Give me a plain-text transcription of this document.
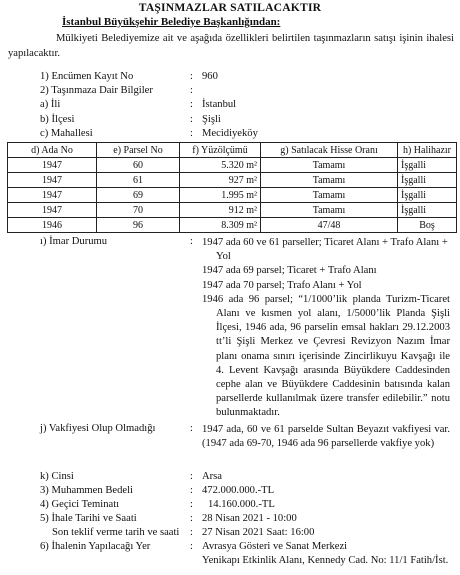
TAŞINMAZLAR SATILACAKTIR
İstanbul Büyükşehir Belediye Başkanlığından:
Mülkiyeti Belediyemize ait ve aşağıda özellikleri belirtilen taşınmazların satışı işinin ihalesi yapılacaktır.
1) Encümen Kayıt No	: 960
2) Taşınmaza Dair Bilgiler	:
a) İli	: İstanbul
b) İlçesi	: Şişli
c) Mahallesi	: Mecidiyeköy
d) Ada No	e) Parsel No	f) Yüzölçümü	g) Satılacak Hisse Oranı	h) Halihazır
1947	60	5.320 m²	Tamamı	İşgalli
1947	61	927 m²	Tamamı	İşgalli
1947	69	1.995 m²	Tamamı	İşgalli
1947	70	912 m²	Tamamı	İşgalli
1946	96	8.309 m²	47/48	Boş
ı) İmar Durumu	: 1947 ada 60 ve 61 parseller; Ticaret Alanı + Trafo Alanı + Yol

1947 ada 69 parsel; Ticaret + Trafo Alanı

1947 ada 70 parsel; Trafo Alanı + Yol

1946 ada 96 parsel; “1/1000’lik planda Turizm-Ticaret Alanı ve kısmen yol alanı, 1/5000’lik Planda Şişli İlçesi, 1946 ada, 96 parselin emsal hakları 29.12.2003 tt’li Şişli Merkez ve Çevresi Revizyon Nazım İmar planı onama sınırı içerisinde Zincirlikuyu Kavşağı ile 4. Levent Kavşağı arasında Büyükdere Caddesinden cephe alan ve Büyükdere Caddesinin batısında kalan parsellerde kullanılmak üzere transfer edilebilir.” notu bulunmaktadır.

j) Vakfiyesi Olup Olmadığı	: 1947 ada, 60 ve 61 parselde Sultan Beyazıt vakfiyesi var. (1947 ada 69-70, 1946 ada 96 parsellerde vakfiye yok)
k) Cinsi	: Arsa
3) Muhammen Bedeli	: 472.000.000.-TL
4) Geçici Teminatı	: 14.160.000.-TL
5) İhale Tarihi ve Saati	: 28 Nisan 2021 - 10:00
Son teklif verme tarih ve saati : 27 Nisan 2021 Saat: 16:00
6) İhalenin Yapılacağı Yer	: Avrasya Gösteri ve Sanat Merkezi
Yenikapı Etkinlik Alanı, Kennedy Cad. No: 11/1 Fatih/İst.
